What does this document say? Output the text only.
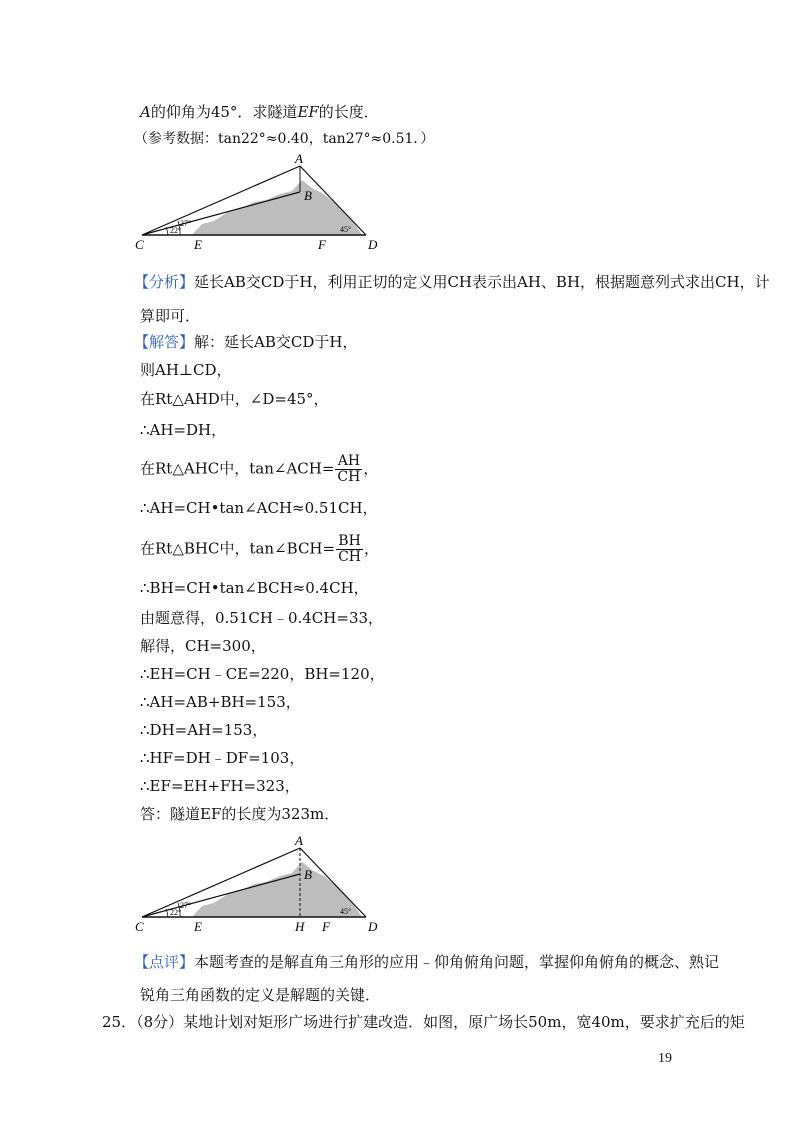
A的仰角为45°．求隧道EF的长度．
（参考数据：tan22°≈0.40，tan27°≈0.51．）
C	E	F	D
A
B
22°
27°
45°
【分析】延长AB交CD于H，利用正切的定义用CH表示出AH、BH，根据题意列式求出CH，计
算即可．
【解答】解：延长AB交CD于H，
则AH⊥CD，
在Rt△AHD中，∠D=45°，
∴AH=DH，
在Rt△AHC中，tan∠ACH= $\frac{AH}{CH}$ ，
∴AH=CH•tan∠ACH≈0.51CH，
在Rt△BHC中，tan∠BCH= $\frac{BH}{CH}$ ，
∴BH=CH•tan∠BCH≈0.4CH，
由题意得，0.51CH﹣0.4CH=33，
解得，CH=300，
∴EH=CH﹣CE=220，BH=120，
∴AH=AB+BH=153，
∴DH=AH=153，
∴HF=DH﹣DF=103，
∴EF=EH+FH=323，
答：隧道EF的长度为323m．
C	E	H F	D
A
B
22°
27°
45°
【点评】本题考查的是解直角三角形的应用﹣仰角俯角问题，掌握仰角俯角的概念、熟记
锐角三角函数的定义是解题的关键．
25．（8分）某地计划对矩形广场进行扩建改造．如图，原广场长50m，宽40m，要求扩充后的矩
19
